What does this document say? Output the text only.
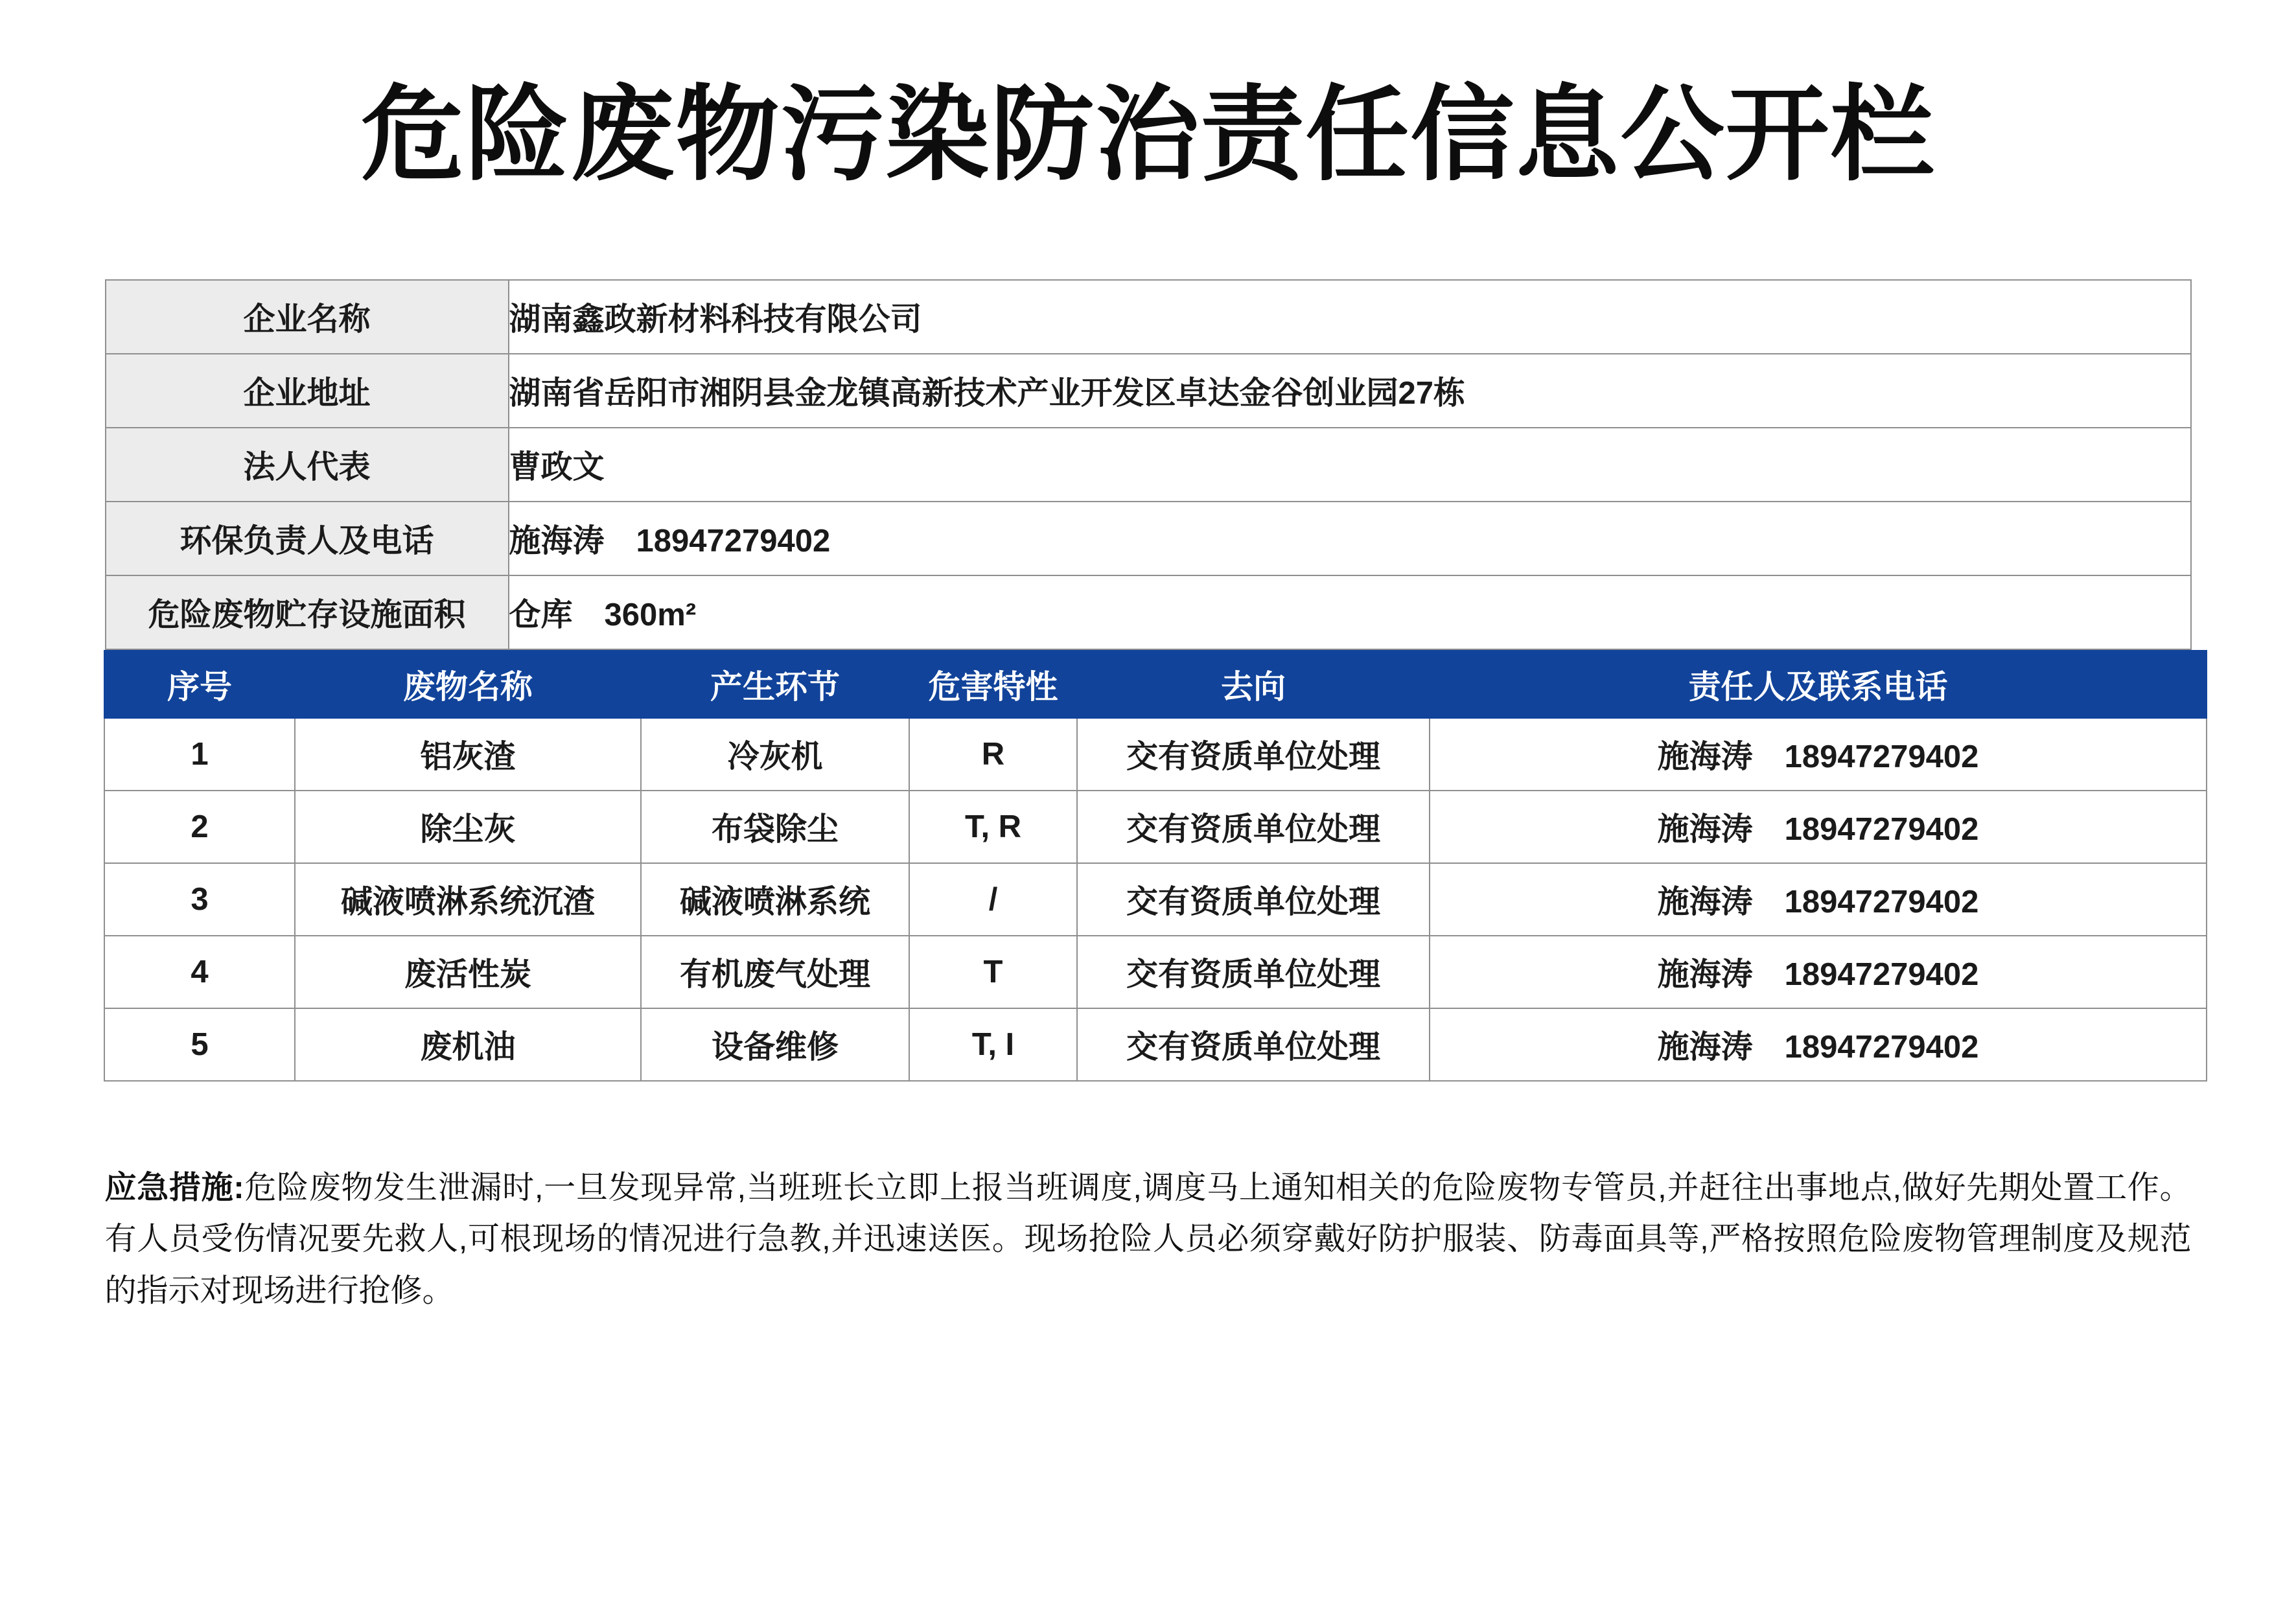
危险废物污染防治责任信息公开栏
企业名称	湖南鑫政新材料科技有限公司
企业地址	湖南省岳阳市湘阴县金龙镇高新技术产业开发区卓达金谷创业园27栋
法人代表	曹政文
环保负责人及电话	施海涛　18947279402
危险废物贮存设施面积	仓库　360m²
序号	废物名称	产生环节	危害特性	去向	责任人及联系电话
1	铝灰渣	冷灰机	R	交有资质单位处理	施海涛　18947279402
2	除尘灰	布袋除尘	T, R	交有资质单位处理	施海涛　18947279402
3	碱液喷淋系统沉渣	碱液喷淋系统	/	交有资质单位处理	施海涛　18947279402
4	废活性炭	有机废气处理	T	交有资质单位处理	施海涛　18947279402
5	废机油	设备维修	T, I	交有资质单位处理	施海涛　18947279402
应急措施:危险废物发生泄漏时,一旦发现异常,当班班长立即上报当班调度,调度马上通知相关的危险废物专管员,并赶往出事地点,做好先期处置工作。有人员受伤情况要先救人,可根现场的情况进行急教,并迅速送医。现场抢险人员必须穿戴好防护服装、防毒面具等,严格按照危险废物管理制度及规范的指示对现场进行抢修。
